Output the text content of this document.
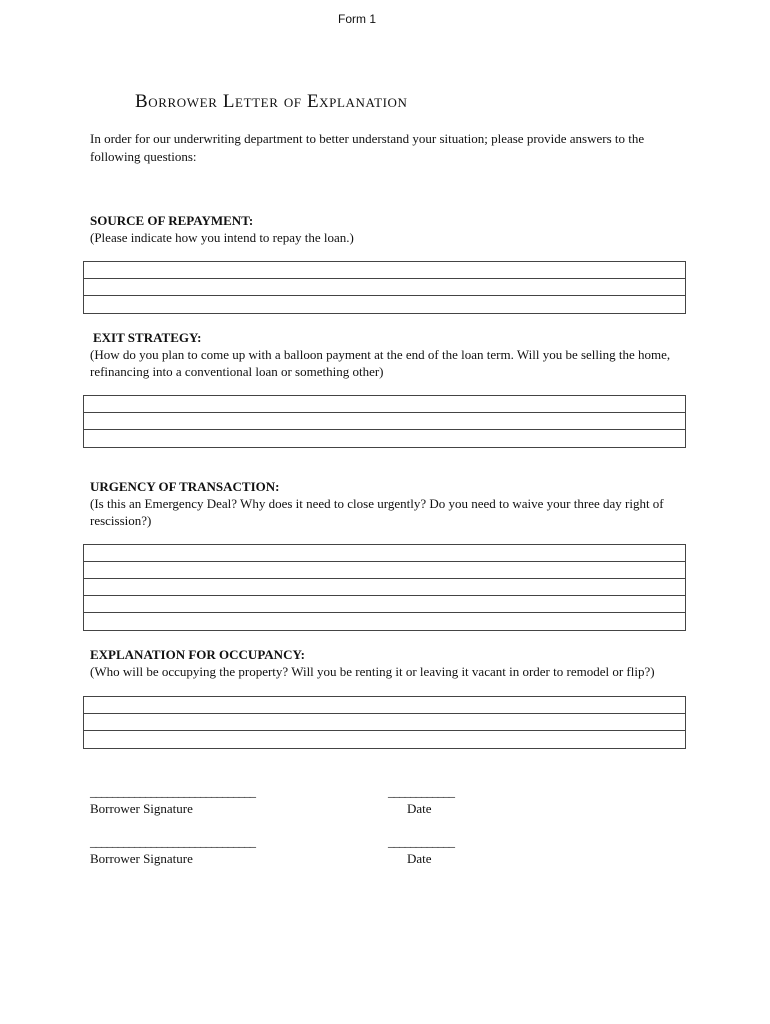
Form 1
Borrower Letter of Explanation
In order for our underwriting department to better understand your situation; please provide answers to the following questions:
SOURCE OF REPAYMENT:
(Please indicate how you intend to repay the loan.)
EXIT STRATEGY:
(How do you plan to come up with a balloon payment at the end of the loan term. Will you be selling the home, refinancing into a conventional loan or something other)
URGENCY OF TRANSACTION:
(Is this an Emergency Deal? Why does it need to close urgently? Do you need to waive your three day right of rescission?)
EXPLANATION FOR OCCUPANCY:
(Who will be occupying the property? Will you be renting it or leaving it vacant in order to remodel or flip?)
______________________________
Borrower Signature
____________
Date
______________________________
Borrower Signature
____________
Date
